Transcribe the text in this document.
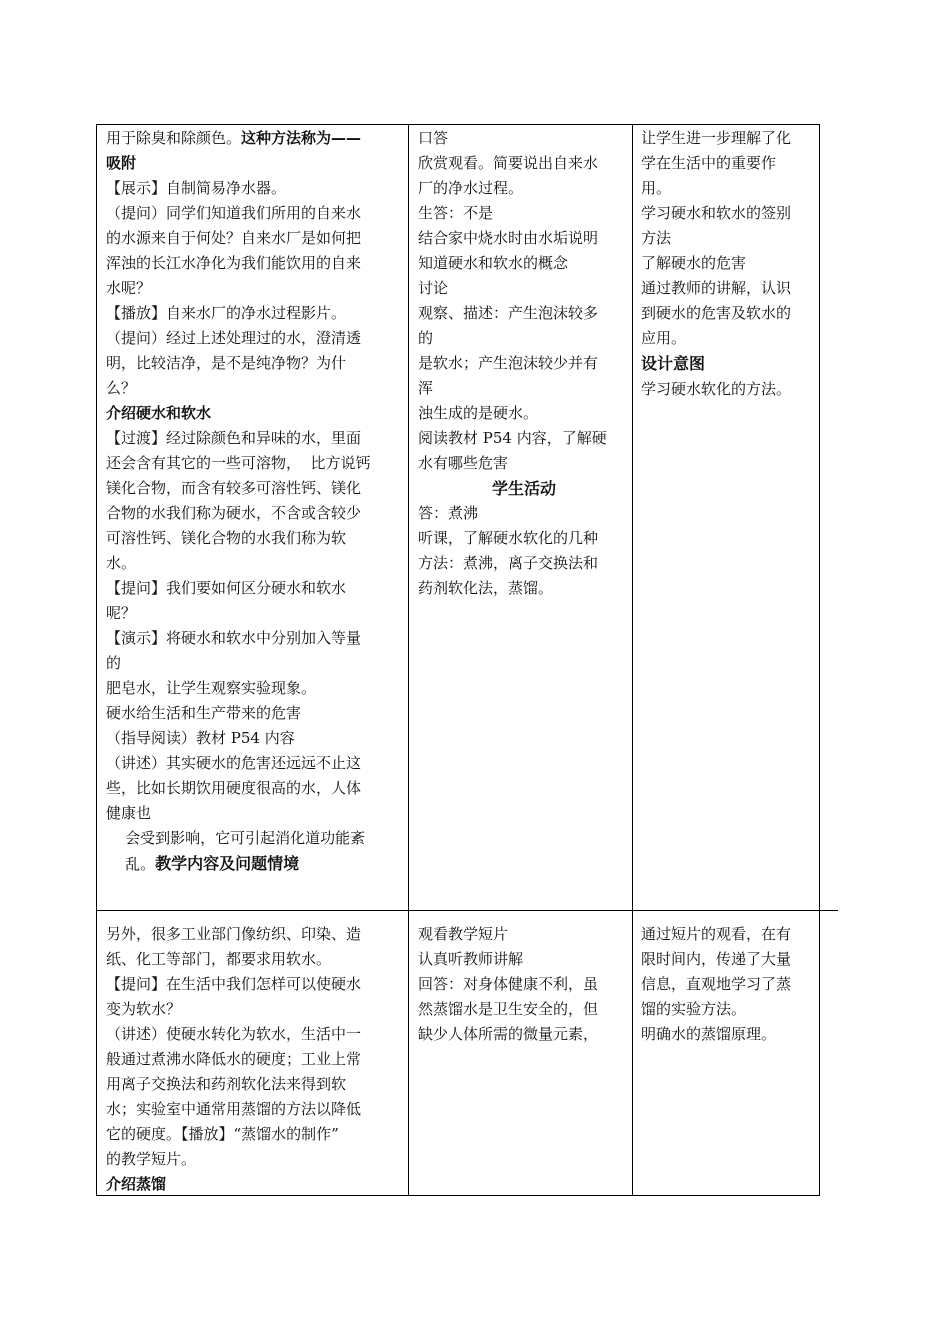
用于除臭和除颜色。这种方法称为——

吸附

【展示】自制简易净水器。

（提问）同学们知道我们所用的自来水

的水源来自于何处？自来水厂是如何把

浑浊的长江水净化为我们能饮用的自来

水呢？

【播放】自来水厂的净水过程影片。

（提问）经过上述处理过的水，澄清透

明，比较洁净，是不是纯净物？为什

么？

介绍硬水和软水

【过渡】经过除颜色和异味的水，里面

还会含有其它的一些可溶物，  比方说钙

镁化合物，而含有较多可溶性钙、镁化

合物的水我们称为硬水，不含或含较少

可溶性钙、镁化合物的水我们称为软

水。

【提问】我们要如何区分硬水和软水

呢？

【演示】将硬水和软水中分别加入等量

的

肥皂水，让学生观察实验现象。

硬水给生活和生产带来的危害

（指导阅读）教材 P54 内容

（讲述）其实硬水的危害还远远不止这

些，比如长期饮用硬度很高的水，人体

健康也

会受到影响，它可引起消化道功能紊

乱。教学内容及问题情境

口答

欣赏观看。简要说出自来水

厂的净水过程。

生答：不是

结合家中烧水时由水垢说明

知道硬水和软水的概念

讨论

观察、描述：产生泡沫较多

的

是软水；产生泡沫较少并有

浑

浊生成的是硬水。

阅读教材 P54 内容，了解硬

水有哪些危害

学生活动

答：煮沸

听课，了解硬水软化的几种

方法：煮沸，离子交换法和

药剂软化法，蒸馏。

让学生进一步理解了化

学在生活中的重要作

用。

学习硬水和软水的签别

方法

了解硬水的危害

通过教师的讲解，认识

到硬水的危害及软水的

应用。

设计意图

学习硬水软化的方法。

另外，很多工业部门像纺织、印染、造

纸、化工等部门，都要求用软水。

【提问】在生活中我们怎样可以使硬水

变为软水？

（讲述）使硬水转化为软水，生活中一

般通过煮沸水降低水的硬度；工业上常

用离子交换法和药剂软化法来得到软

水；实验室中通常用蒸馏的方法以降低

它的硬度。【播放】“蒸馏水的制作”

的教学短片。

介绍蒸馏

观看教学短片

认真听教师讲解

回答：对身体健康不利，虽

然蒸馏水是卫生安全的，但

缺少人体所需的微量元素，

通过短片的观看，在有

限时间内，传递了大量

信息，直观地学习了蒸

馏的实验方法。

明确水的蒸馏原理。
